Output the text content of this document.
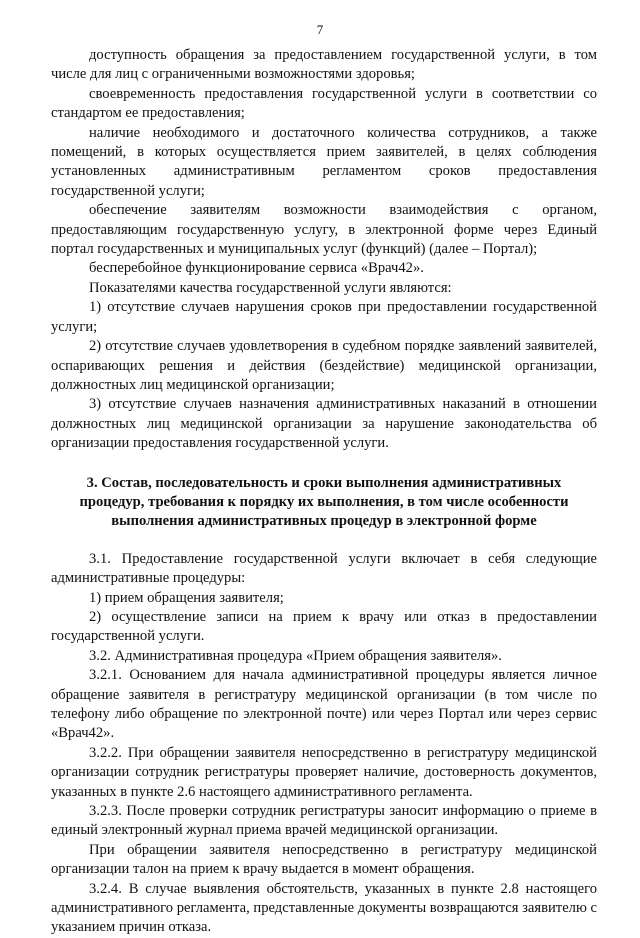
7

доступность обращения за предоставлением государственной услуги, в том числе для лиц с ограниченными возможностями здоровья;

своевременность предоставления государственной услуги в соответствии со стандартом ее предоставления;

наличие необходимого и достаточного количества сотрудников, а также помещений, в которых осуществляется прием заявителей, в целях соблюдения установленных административным регламентом сроков предоставления государственной услуги;

обеспечение заявителям возможности взаимодействия с органом, предоставляющим государственную услугу, в электронной форме через Единый портал государственных и муниципальных услуг (функций) (далее – Портал);

бесперебойное функционирование сервиса «Врач42».

Показателями качества государственной услуги являются:

1) отсутствие случаев нарушения сроков при предоставлении государственной услуги;

2) отсутствие случаев удовлетворения в судебном порядке заявлений заявителей, оспаривающих решения и действия (бездействие) медицинской организации, должностных лиц медицинской организации;

3) отсутствие случаев назначения административных наказаний в отношении должностных лиц медицинской организации за нарушение законодательства об организации предоставления государственной услуги.

3. Состав, последовательность и сроки выполнения административных процедур, требования к порядку их выполнения, в том числе особенности выполнения административных процедур в электронной форме

3.1. Предоставление государственной услуги включает в себя следующие административные процедуры:

1) прием обращения заявителя;

2) осуществление записи на прием к врачу или отказ в предоставлении государственной услуги.

3.2. Административная процедура «Прием обращения заявителя».

3.2.1. Основанием для начала административной процедуры является личное обращение заявителя в регистратуру медицинской организации (в том числе по телефону либо обращение по электронной почте) или через Портал или через сервис «Врач42».

3.2.2. При обращении заявителя непосредственно в регистратуру медицинской организации сотрудник регистратуры проверяет наличие, достоверность документов, указанных в пункте 2.6 настоящего административного регламента.

3.2.3. После проверки сотрудник регистратуры заносит информацию о приеме в единый электронный журнал приема врачей медицинской организации.

При обращении заявителя непосредственно в регистратуру медицинской организации талон на прием к врачу выдается в момент обращения.

3.2.4. В случае выявления обстоятельств, указанных в пункте 2.8 настоящего административного регламента, представленные документы возвращаются заявителю с указанием причин отказа.
